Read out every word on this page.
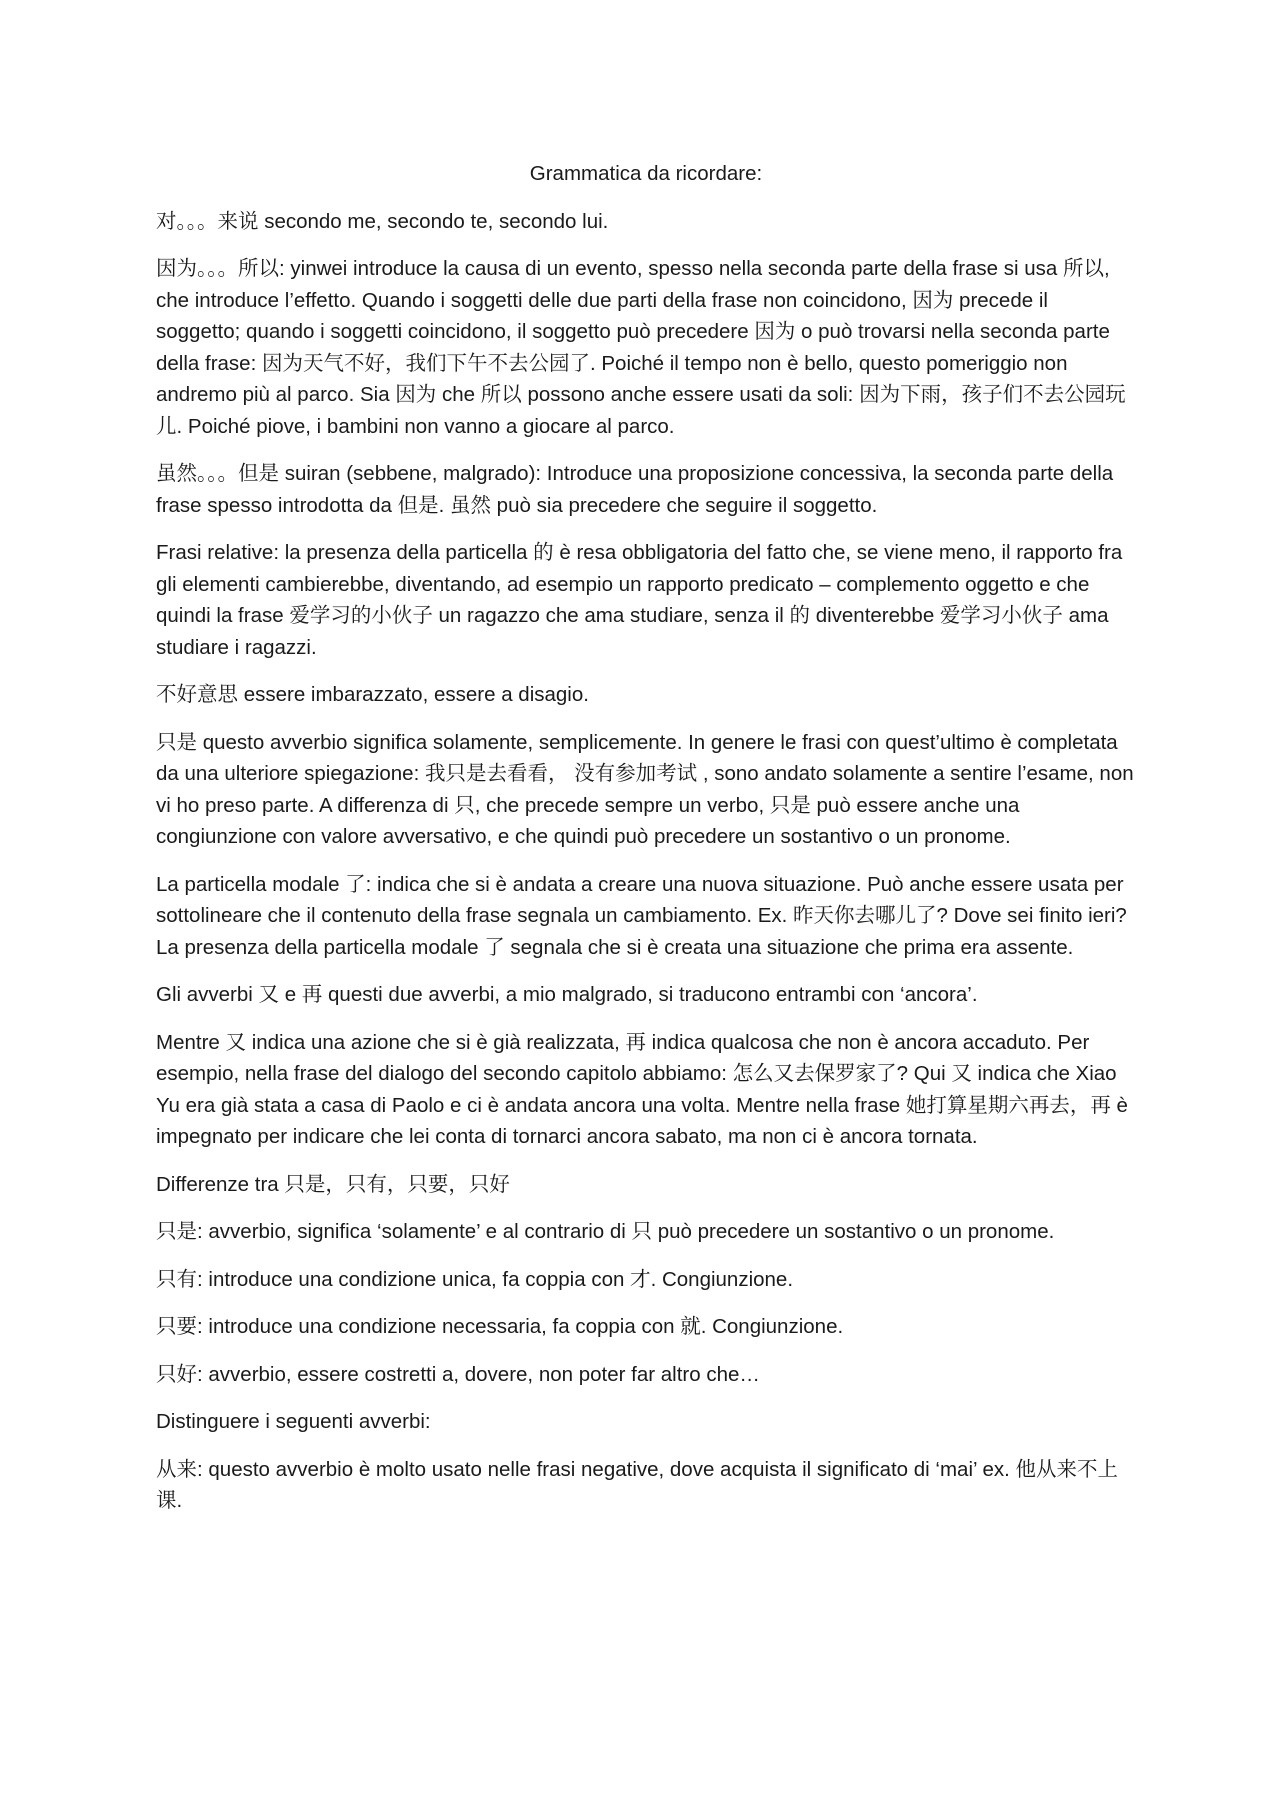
Grammatica da ricordare:

对。。。来说 secondo me, secondo te, secondo lui.

因为。。。所以: yinwei introduce la causa di un evento, spesso nella seconda parte della frase si usa 所以, che introduce l’effetto. Quando i soggetti delle due parti della frase non coincidono, 因为 precede il soggetto; quando i soggetti coincidono, il soggetto può precedere 因为 o può trovarsi nella seconda parte della frase: 因为天气不好，我们下午不去公园了. Poiché il tempo non è bello, questo pomeriggio non andremo più al parco. Sia 因为 che 所以 possono anche essere usati da soli: 因为下雨，孩子们不去公园玩儿. Poiché piove, i bambini non vanno a giocare al parco.

虽然。。。但是 suiran (sebbene, malgrado): Introduce una proposizione concessiva, la seconda parte della frase spesso introdotta da 但是. 虽然 può sia precedere che seguire il soggetto.

Frasi relative: la presenza della particella 的 è resa obbligatoria del fatto che, se viene meno, il rapporto fra gli elementi cambierebbe, diventando, ad esempio un rapporto predicato – complemento oggetto e che quindi la frase 爱学习的小伙子 un ragazzo che ama studiare, senza il 的 diventerebbe 爱学习小伙子 ama studiare i ragazzi.

不好意思 essere imbarazzato, essere a disagio.

只是 questo avverbio significa solamente, semplicemente. In genere le frasi con quest’ultimo è completata da una ulteriore spiegazione: 我只是去看看， 没有参加考试 , sono andato solamente a sentire l’esame, non vi ho preso parte. A differenza di 只, che precede sempre un verbo, 只是 può essere anche una congiunzione con valore avversativo, e che quindi può precedere un sostantivo o un pronome.

La particella modale 了: indica che si è andata a creare una nuova situazione. Può anche essere usata per sottolineare che il contenuto della frase segnala un cambiamento. Ex. 昨天你去哪儿了? Dove sei finito ieri? La presenza della particella modale 了 segnala che si è creata una situazione che prima era assente.

Gli avverbi 又 e 再 questi due avverbi, a mio malgrado, si traducono entrambi con ‘ancora’.

Mentre 又 indica una azione che si è già realizzata, 再 indica qualcosa che non è ancora accaduto. Per esempio, nella frase del dialogo del secondo capitolo abbiamo: 怎么又去保罗家了? Qui 又 indica che Xiao Yu era già stata a casa di Paolo e ci è andata ancora una volta. Mentre nella frase 她打算星期六再去，再 è impegnato per indicare che lei conta di tornarci ancora sabato, ma non ci è ancora tornata.

Differenze tra 只是，只有，只要，只好

只是: avverbio, significa ‘solamente’ e al contrario di 只 può precedere un sostantivo o un pronome.

只有: introduce una condizione unica, fa coppia con 才. Congiunzione.

只要: introduce una condizione necessaria, fa coppia con 就. Congiunzione.

只好: avverbio, essere costretti a, dovere, non poter far altro che…

Distinguere i seguenti avverbi:

从来: questo avverbio è molto usato nelle frasi negative, dove acquista il significato di ‘mai’ ex. 他从来不上课.
